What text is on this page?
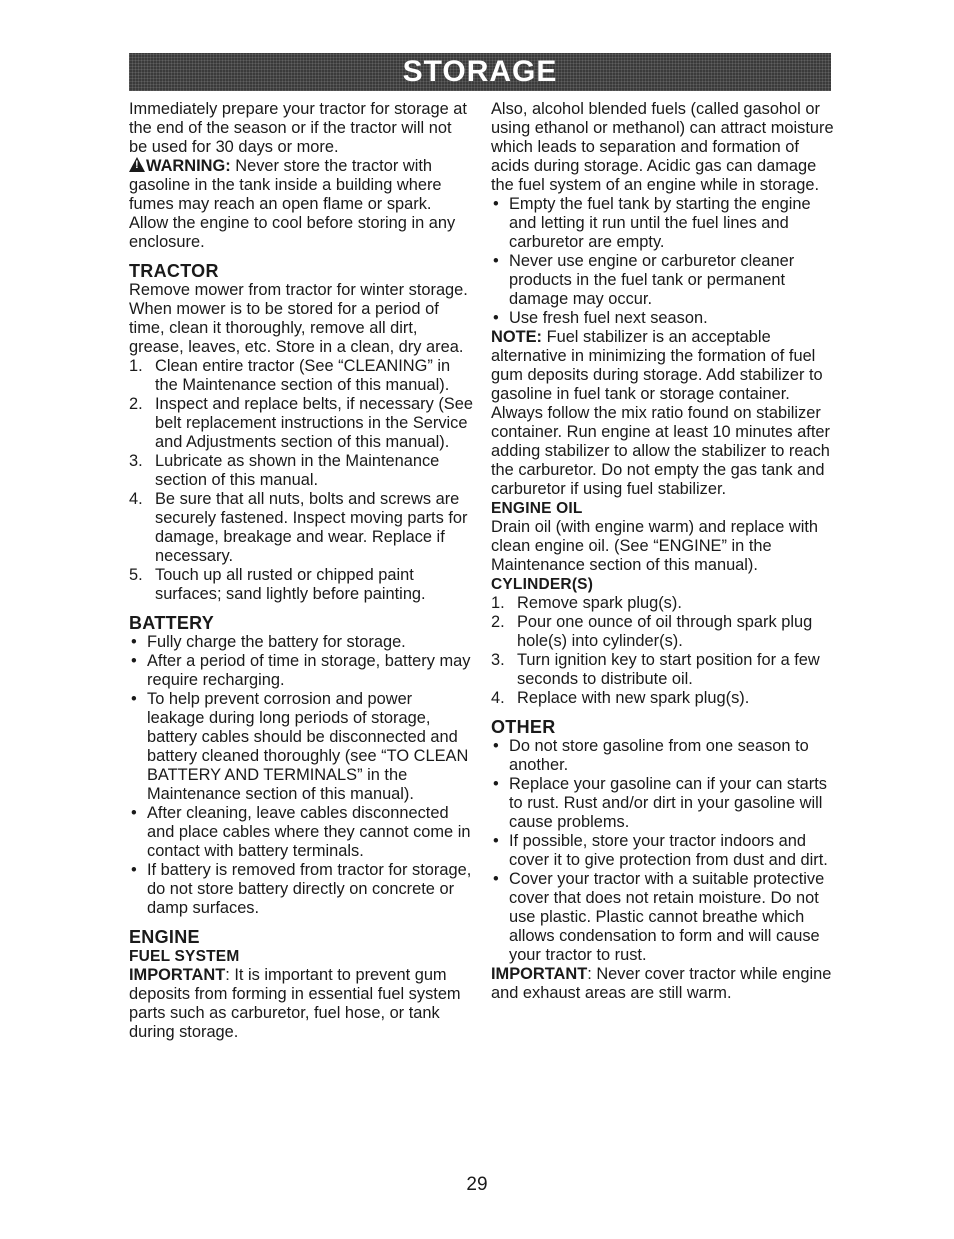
STORAGE

Immediately prepare your tractor for storage at the end of the season or if the tractor will not be used for 30 days or more.

!WARNING: Never store the tractor with gasoline in the tank inside a building where fumes may reach an open flame or spark. Allow the engine to cool before storing in any enclosure.

TRACTOR

Remove mower from tractor for winter storage. When mower is to be stored for a period of time, clean it thoroughly, remove all dirt, grease, leaves, etc. Store in a clean, dry area.

1. Clean entire tractor (See “CLEANING” in the Maintenance section of this manual).
2. Inspect and replace belts, if necessary (See belt replacement instructions in the Service and Adjustments section of this manual).
3. Lubricate as shown in the Maintenance section of this manual.
4. Be sure that all nuts, bolts and screws are securely fastened. Inspect moving parts for damage, breakage and wear. Replace if necessary.
5. Touch up all rusted or chipped paint surfaces; sand lightly before painting.
BATTERY
• Fully charge the battery for storage.
• After a period of time in storage, battery may require recharging.
• To help prevent corrosion and power leakage during long periods of storage, battery cables should be disconnected and battery cleaned thoroughly (see “TO CLEAN BATTERY AND TERMINALS” in the Maintenance section of this manual).
• After cleaning, leave cables disconnected and place cables where they cannot come in contact with battery terminals.
• If battery is removed from tractor for storage, do not store battery directly on concrete or damp surfaces.
ENGINE
FUEL SYSTEM

IMPORTANT: It is important to prevent gum deposits from forming in essential fuel system parts such as carburetor, fuel hose, or tank during storage.

Also, alcohol blended fuels (called gasohol or using ethanol or methanol) can attract moisture which leads to separation and formation of acids during storage. Acidic gas can damage the fuel system of an engine while in storage.

• Empty the fuel tank by starting the engine and letting it run until the fuel lines and carburetor are empty.
• Never use engine or carburetor cleaner products in the fuel tank or permanent damage may occur.
• Use fresh fuel next season.

NOTE: Fuel stabilizer is an acceptable alternative in minimizing the formation of fuel gum deposits during storage. Add stabilizer to gasoline in fuel tank or storage container. Always follow the mix ratio found on stabilizer container. Run engine at least 10 minutes after adding stabilizer to allow the stabilizer to reach the carburetor. Do not empty the gas tank and carburetor if using fuel stabilizer.

ENGINE OIL

Drain oil (with engine warm) and replace with clean engine oil. (See “ENGINE” in the Maintenance section of this manual).

CYLINDER(S)
1. Remove spark plug(s).
2. Pour one ounce of oil through spark plug hole(s) into cylinder(s).
3. Turn ignition key to start position for a few seconds to distribute oil.
4. Replace with new spark plug(s).
OTHER
• Do not store gasoline from one season to another.
• Replace your gasoline can if your can starts to rust. Rust and/or dirt in your gasoline will cause problems.
• If possible, store your tractor indoors and cover it to give protection from dust and dirt.
• Cover your tractor with a suitable protective cover that does not retain moisture. Do not use plastic. Plastic cannot breathe which allows condensation to form and will cause your tractor to rust.

IMPORTANT: Never cover tractor while engine and exhaust areas are still warm.

29
